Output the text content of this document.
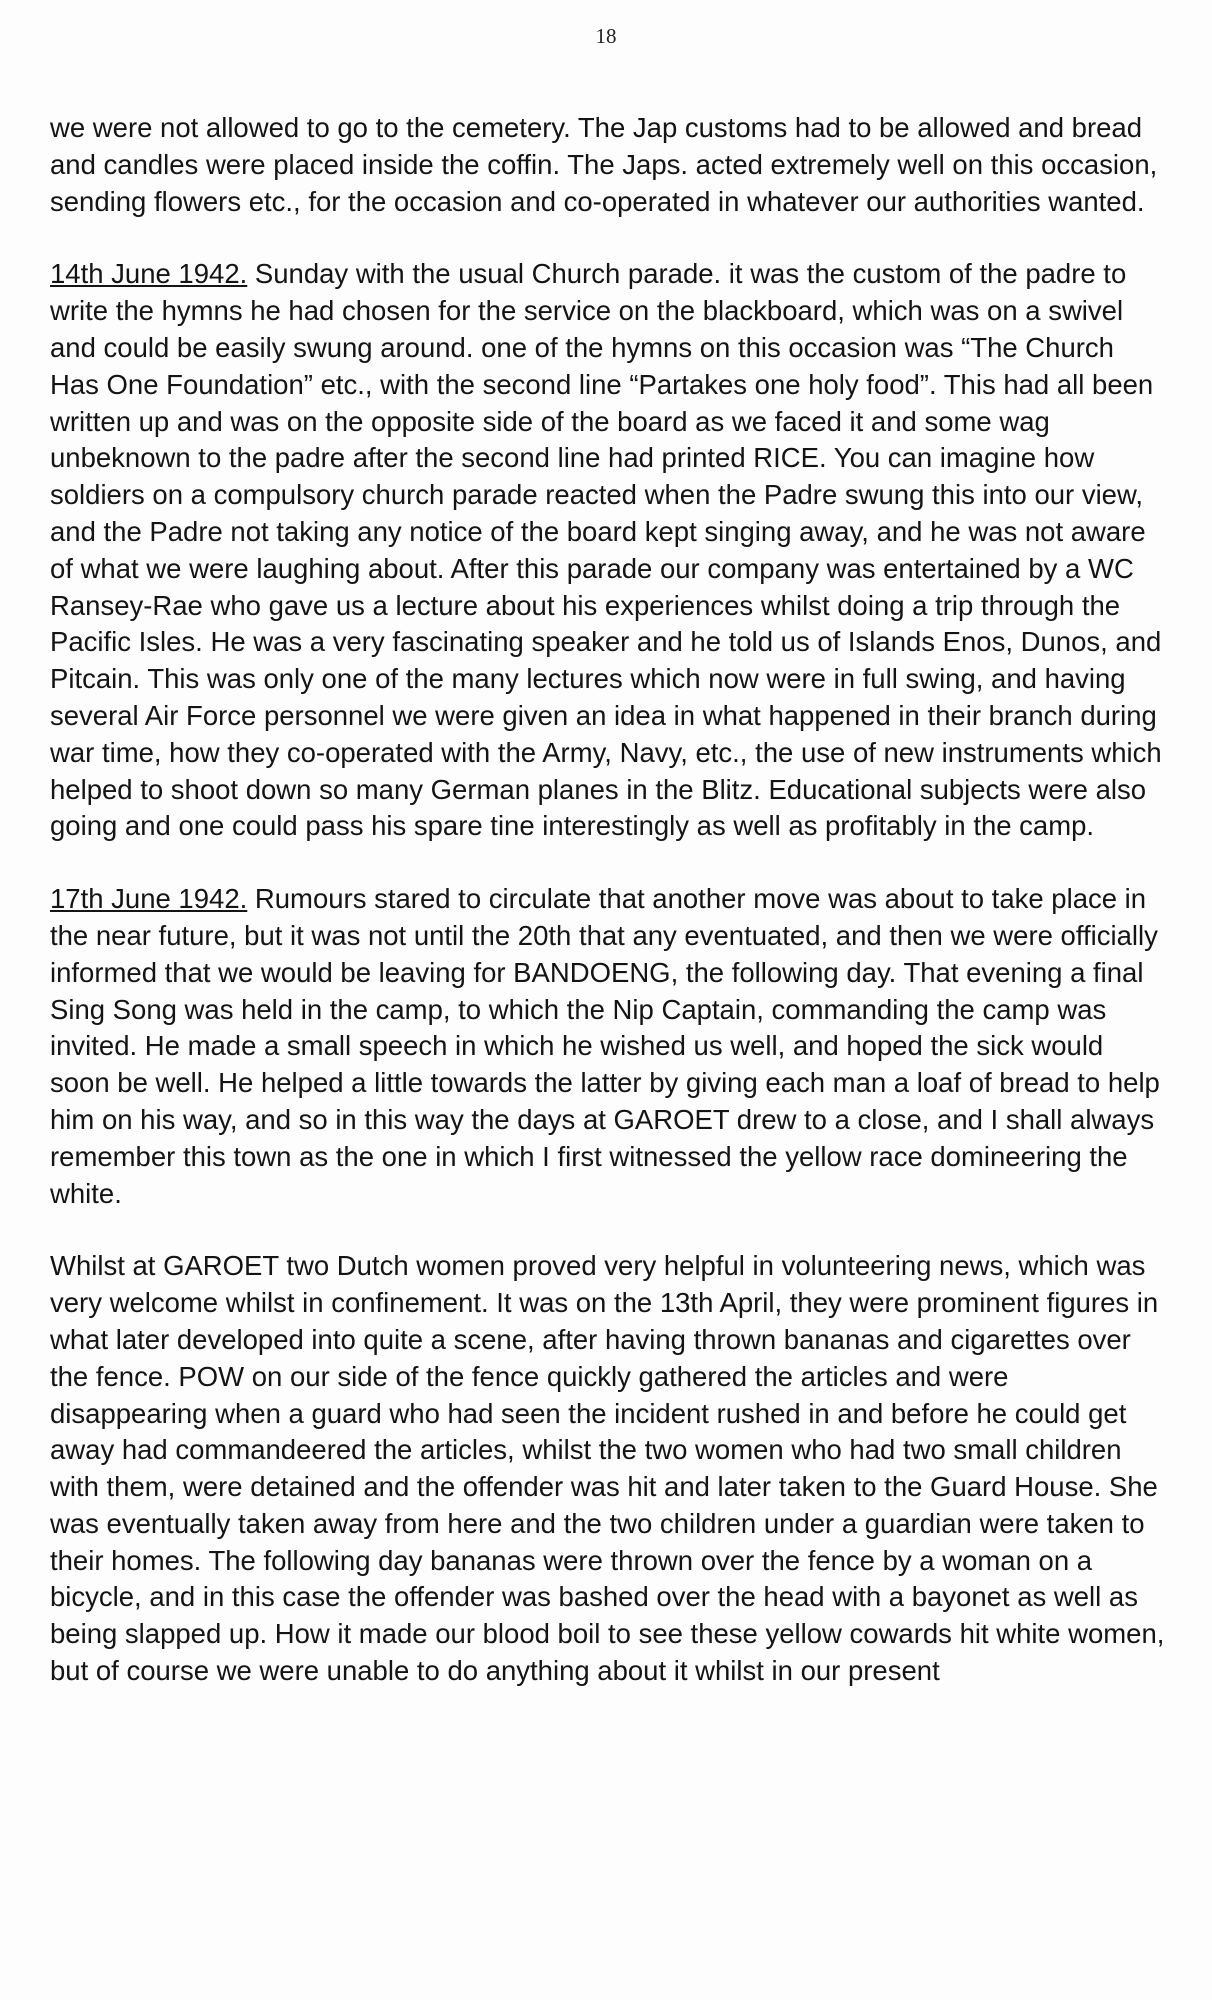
18

we were not allowed to go to the cemetery. The Jap customs had to be allowed and bread and candles were placed inside the coffin. The Japs. acted extremely well on this occasion, sending flowers etc., for the occasion and co-operated in whatever our authorities wanted.

14th June 1942. Sunday with the usual Church parade. it was the custom of the padre to write the hymns he had chosen for the service on the blackboard, which was on a swivel and could be easily swung around. one of the hymns on this occasion was “The Church Has One Foundation” etc., with the second line “Partakes one holy food”. This had all been written up and was on the opposite side of the board as we faced it and some wag unbeknown to the padre after the second line had printed RICE. You can imagine how soldiers on a compulsory church parade reacted when the Padre swung this into our view, and the Padre not taking any notice of the board kept singing away, and he was not aware of what we were laughing about. After this parade our company was entertained by a WC Ransey-Rae who gave us a lecture about his experiences whilst doing a trip through the Pacific Isles. He was a very fascinating speaker and he told us of Islands Enos, Dunos, and Pitcain. This was only one of the many lectures which now were in full swing, and having several Air Force personnel we were given an idea in what happened in their branch during war time, how they co-operated with the Army, Navy, etc., the use of new instruments which helped to shoot down so many German planes in the Blitz. Educational subjects were also going and one could pass his spare tine interestingly as well as profitably in the camp.

17th June 1942. Rumours stared to circulate that another move was about to take place in the near future, but it was not until the 20th that any eventuated, and then we were officially informed that we would be leaving for BANDOENG, the following day. That evening a final Sing Song was held in the camp, to which the Nip Captain, commanding the camp was invited. He made a small speech in which he wished us well, and hoped the sick would soon be well. He helped a little towards the latter by giving each man a loaf of bread to help him on his way, and so in this way the days at GAROET drew to a close, and I shall always remember this town as the one in which I first witnessed the yellow race domineering the white.

Whilst at GAROET two Dutch women proved very helpful in volunteering news, which was very welcome whilst in confinement. It was on the 13th April, they were prominent figures in what later developed into quite a scene, after having thrown bananas and cigarettes over the fence. POW on our side of the fence quickly gathered the articles and were disappearing when a guard who had seen the incident rushed in and before he could get away had commandeered the articles, whilst the two women who had two small children with them, were detained and the offender was hit and later taken to the Guard House. She was eventually taken away from here and the two children under a guardian were taken to their homes. The following day bananas were thrown over the fence by a woman on a bicycle, and in this case the offender was bashed over the head with a bayonet as well as being slapped up. How it made our blood boil to see these yellow cowards hit white women, but of course we were unable to do anything about it whilst in our present
